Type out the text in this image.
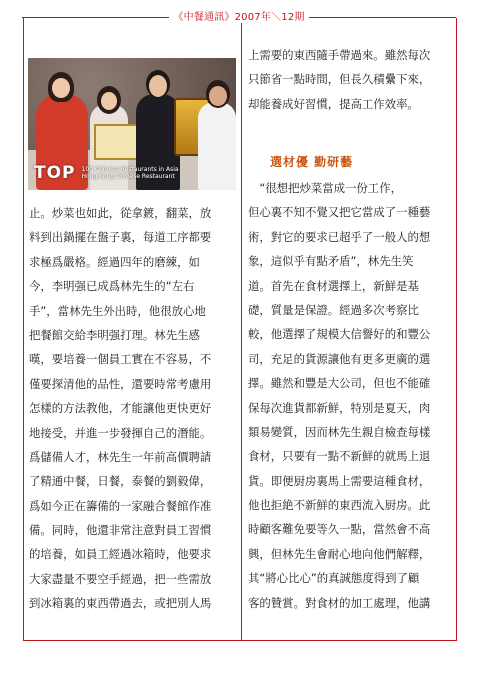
《中餐通訊》2007年＼12期
TOP 100 Chinese Restaurants in Asia
Hong Kong Chinese Restaurant
止。炒菜也如此，從拿鍍，翻菜，放
料到出鍋擺在盤子裏，每道工序都要
求極爲嚴格。經過四年的磨練，如
今，李明强已成爲林先生的“左右
手”，當林先生外出時，他很放心地
把餐館交給李明强打理。林先生感
嘆，要培養一個員工實在不容易，不
僅要探清他的品性，還要時常考慮用
怎樣的方法教他，才能讓他更快更好
地接受，并進一步發揮自己的潛能。
爲儲備人才，林先生一年前高價聘請
了精通中餐，日餐，泰餐的劉毅偉，
爲如今正在籌備的一家融合餐館作准
備。同時，他還非常注意對員工習慣
的培養，如員工經過冰箱時，他要求
大家盡量不要空手經過，把一些需放
到冰箱裏的東西帶過去，或把別人馬
上需要的東西隨手帶過來。雖然每次
只節省一點時間，但長久積纍下來，
却能養成好習慣，提高工作效率。
選材優 勤研藝
　“很想把炒菜當成一份工作，
但心裏不知不覺又把它當成了一種藝
術，對它的要求已超乎了一般人的想
象，這似乎有點矛盾”，林先生笑
道。首先在食材選擇上，新鮮是基
礎，質量是保證。經過多次考察比
較，他選擇了規模大信譽好的和豐公
司，充足的貨源讓他有更多更廣的選
擇。雖然和豐是大公司，但也不能確
保每次進貨都新鮮，特別是夏天，肉
類易變質，因而林先生親自檢查每樣
食材，只要有一點不新鮮的就馬上退
貨。即便厨房裏馬上需要這種食材，
他也拒絶不新鮮的東西流入厨房。此
時顧客難免要等久一點，當然會不高
興，但林先生會耐心地向他們解釋，
其“將心比心”的真誠態度得到了顧
客的贊賞。對食材的加工處理，他講
